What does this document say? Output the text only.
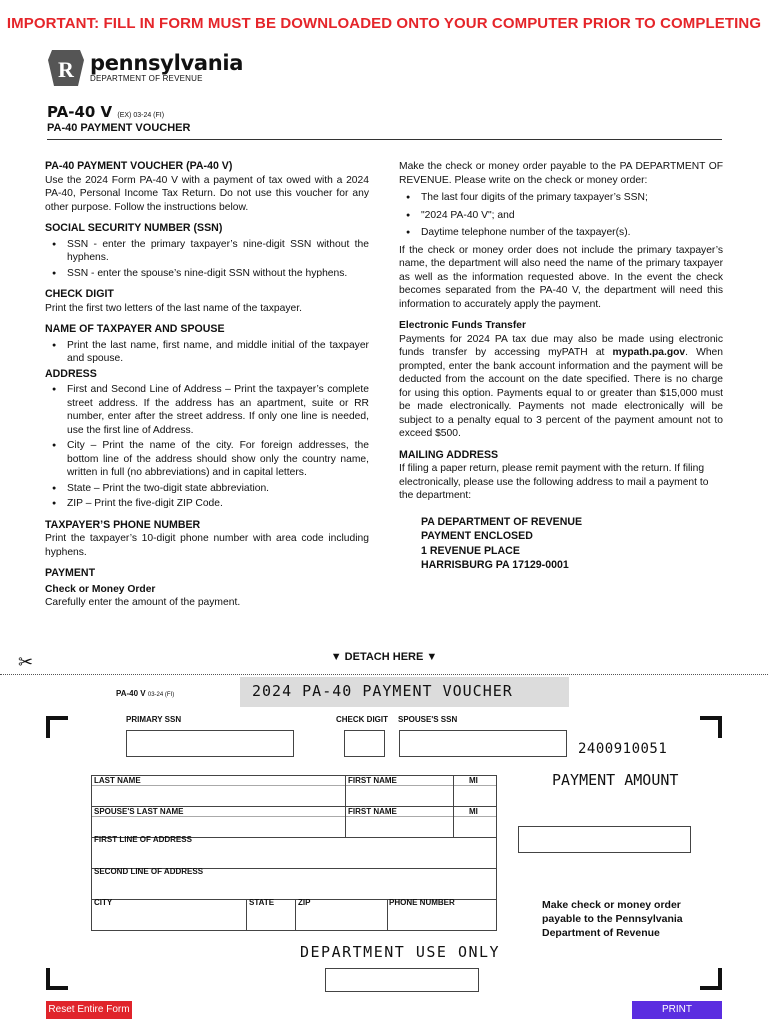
IMPORTANT: FILL IN FORM MUST BE DOWNLOADED ONTO YOUR COMPUTER PRIOR TO COMPLETING
R pennsylvania
DEPARTMENT OF REVENUE
PA-40 V (EX) 03-24 (FI)
PA-40 PAYMENT VOUCHER
PA-40 PAYMENT VOUCHER (PA-40 V)

Use the 2024 Form PA-40 V with a payment of tax owed with a 2024 PA-40, Personal Income Tax Return. Do not use this voucher for any other purpose. Follow the instructions below.

SOCIAL SECURITY NUMBER (SSN)
● SSN - enter the primary taxpayer’s nine-digit SSN without the hyphens.
● SSN - enter the spouse’s nine-digit SSN without the hyphens.
CHECK DIGIT

Print the first two letters of the last name of the taxpayer.

NAME OF TAXPAYER AND SPOUSE
● Print the last name, first name, and middle initial of the taxpayer and spouse.
ADDRESS
● First and Second Line of Address – Print the taxpayer’s complete street address. If the address has an apartment, suite or RR number, enter after the street address. If only one line is needed, use the first line of Address.
● City – Print the name of the city. For foreign addresses, the bottom line of the address should show only the country name, written in full (no abbreviations) and in capital letters.
● State – Print the two-digit state abbreviation.
● ZIP – Print the five-digit ZIP Code.
TAXPAYER’S PHONE NUMBER

Print the taxpayer’s 10-digit phone number with area code including hyphens.

PAYMENT
Check or Money Order

Carefully enter the amount of the payment.

Make the check or money order payable to the PA DEPARTMENT OF REVENUE. Please write on the check or money order:

● The last four digits of the primary taxpayer’s SSN;
● "2024 PA-40 V"; and
● Daytime telephone number of the taxpayer(s).

If the check or money order does not include the primary taxpayer’s name, the department will also need the name of the primary taxpayer as well as the information requested above. In the event the check becomes separated from the PA-40 V, the department will need this information to accurately apply the payment.

Electronic Funds Transfer

Payments for 2024 PA tax due may also be made using electronic funds transfer by accessing myPATH at mypath.pa.gov. When prompted, enter the bank account information and the payment will be deducted from the account on the date specified. There is no charge for using this option. Payments equal to or greater than $15,000 must be made electronically. Payments not made electronically will be subject to a penalty equal to 3 percent of the payment amount not to exceed $500.

MAILING ADDRESS

If filing a paper return, please remit payment with the return. If filing electronically, please use the following address to mail a payment to the department:

PA DEPARTMENT OF REVENUE
PAYMENT ENCLOSED
1 REVENUE PLACE
HARRISBURG PA 17129-0001
✂	▼ DETACH HERE ▼
PA-40 V 03-24 (FI)	2024 PA-40 PAYMENT VOUCHER
PRIMARY SSN	CHECK DIGIT SPOUSE'S SSN
2400910051
PAYMENT AMOUNT
LAST NAME	FIRST NAME	MI
SPOUSE'S LAST NAME	FIRST NAME	MI
FIRST LINE OF ADDRESS
SECOND LINE OF ADDRESS
CITY	STATE	ZIP	PHONE NUMBER	Make check or money order payable to the Pennsylvania Department of Revenue
DEPARTMENT USE ONLY
Reset Entire Form	PRINT
